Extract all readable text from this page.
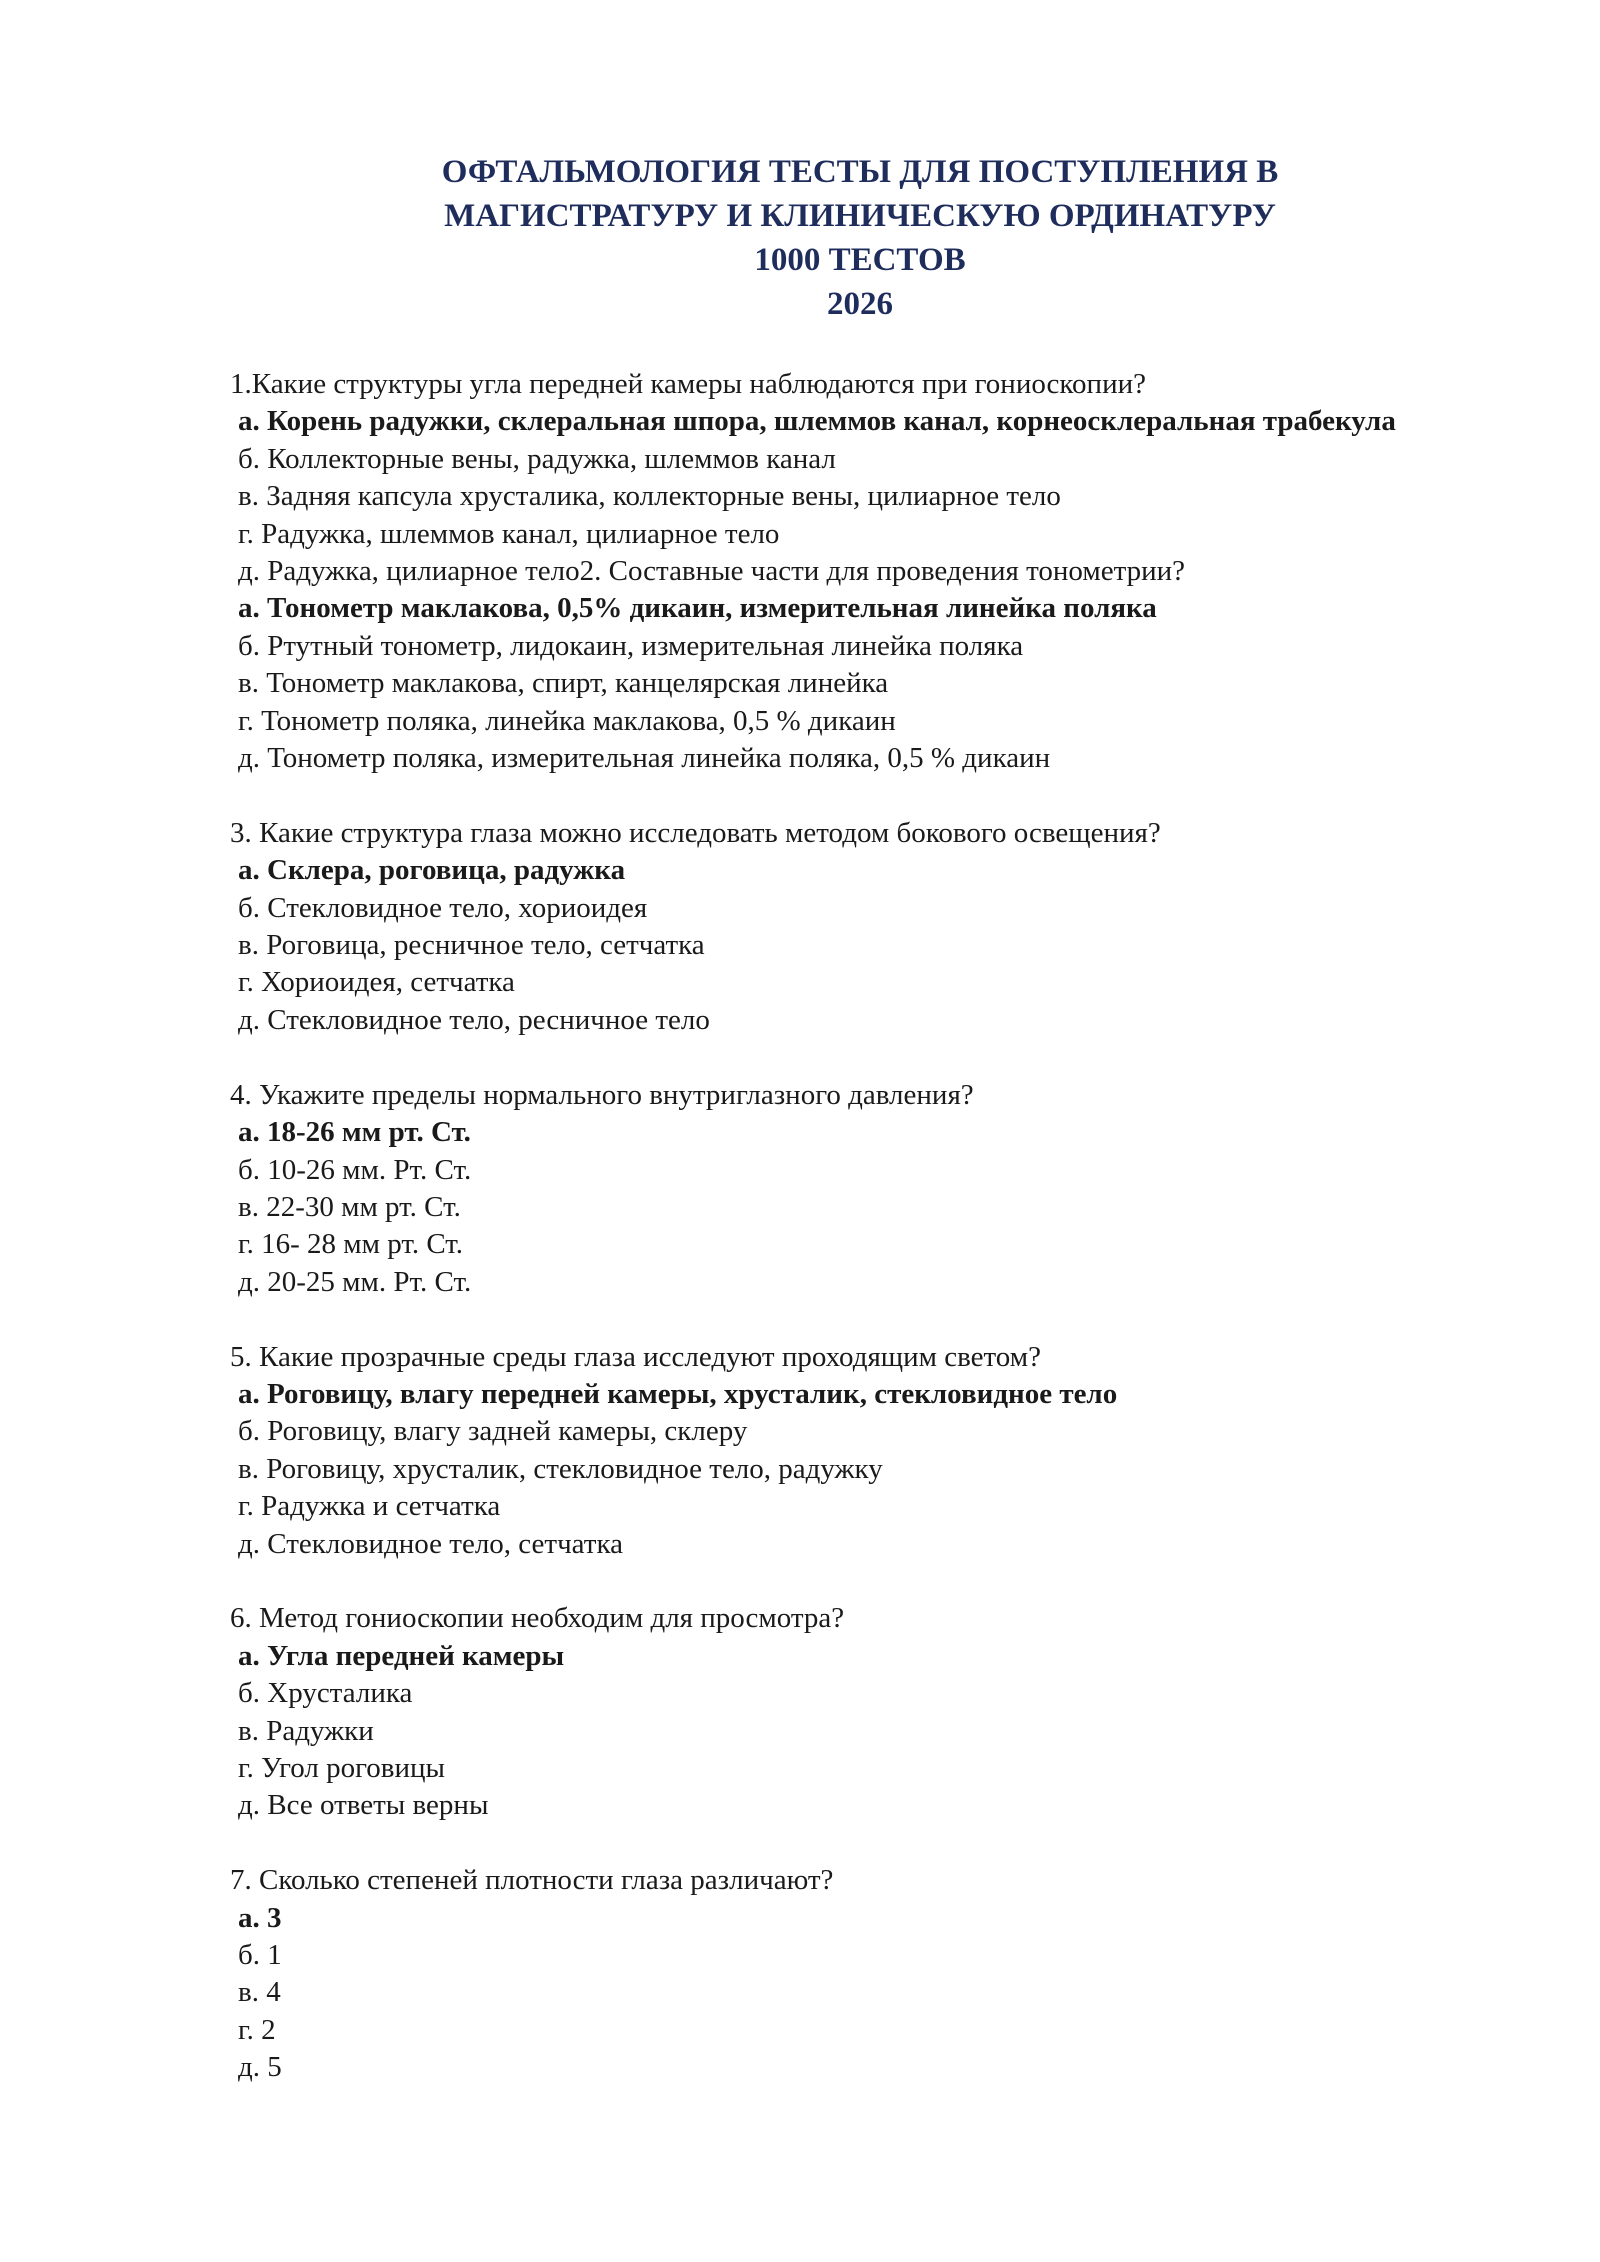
ОФТАЛЬМОЛОГИЯ ТЕСТЫ ДЛЯ ПОСТУПЛЕНИЯ В
МАГИСТРАТУРУ И КЛИНИЧЕСКУЮ ОРДИНАТУРУ
1000 ТЕСТОВ
2026
1.Какие структуры угла передней камеры наблюдаются при гониоскопии?
а. Корень радужки, склеральная шпора, шлеммов канал, корнеосклеральная трабекула
б. Коллекторные вены, радужка, шлеммов канал
в. Задняя капсула хрусталика, коллекторные вены, цилиарное тело
г. Радужка, шлеммов канал, цилиарное тело
д. Радужка, цилиарное тело2. Составные части для проведения тонометрии?
а. Тонометр маклакова, 0,5% дикаин, измерительная линейка поляка
б. Ртутный тонометр, лидокаин, измерительная линейка поляка
в. Тонометр маклакова, спирт, канцелярская линейка
г. Тонометр поляка, линейка маклакова, 0,5 % дикаин
д. Тонометр поляка, измерительная линейка поляка, 0,5 % дикаин
3. Какие структура глаза можно исследовать методом бокового освещения?
а. Склера, роговица, радужка
б. Стекловидное тело, хориоидея
в. Роговица, ресничное тело, сетчатка
г. Хориоидея, сетчатка
д. Стекловидное тело, ресничное тело
4. Укажите пределы нормального внутриглазного давления?
а. 18-26 мм рт. Ст.
б. 10-26 мм. Рт. Ст.
в. 22-30 мм рт. Ст.
г. 16- 28 мм рт. Ст.
д. 20-25 мм. Рт. Ст.
5. Какие прозрачные среды глаза исследуют проходящим светом?
а. Роговицу, влагу передней камеры, хрусталик, стекловидное тело
б. Роговицу, влагу задней камеры, склеру
в. Роговицу, хрусталик, стекловидное тело, радужку
г. Радужка и сетчатка
д. Стекловидное тело, сетчатка
6. Метод гониоскопии необходим для просмотра?
а. Угла передней камеры
б. Хрусталика
в. Радужки
г. Угол роговицы
д. Все ответы верны
7. Сколько степеней плотности глаза различают?
а. 3
б. 1
в. 4
г. 2
д. 5
